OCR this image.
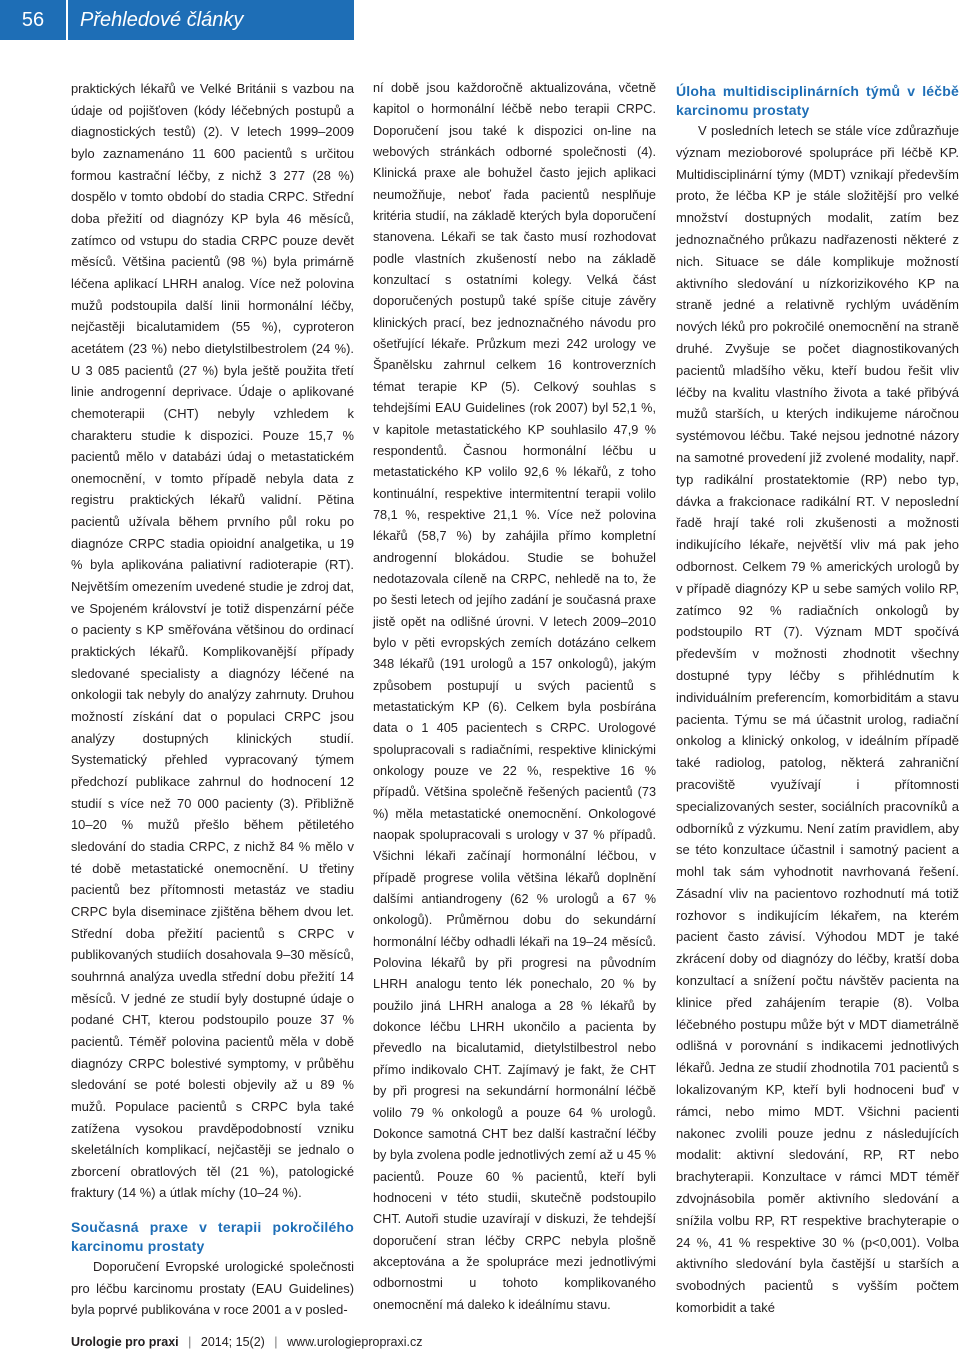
56	Přehledové články

praktických lékařů ve Velké Británii s vazbou na údaje od pojišťoven (kódy léčebných postupů a diagnostických testů) (2). V letech 1999–2009 bylo zaznamenáno 11 600 pacientů s určitou formou kastrační léčby, z nichž 3 277 (28 %) dospělo v tomto období do stadia CRPC. Střední doba přežití od diagnózy KP byla 46 měsíců, zatímco od vstupu do stadia CRPC pouze devět měsíců. Většina pacientů (98 %) byla primárně léčena aplikací LHRH analog. Více než polovina mužů podstoupila další linii hormonální léčby, nejčastěji bicalutamidem (55 %), cyproteron acetátem (23 %) nebo dietylstilbestrolem (24 %). U 3 085 pacientů (27 %) byla ještě použita třetí linie androgenní deprivace. Údaje o aplikované chemoterapii (CHT) nebyly vzhledem k charakteru studie k dispozici. Pouze 15,7 % pacientů mělo v databázi údaj o metastatickém onemocnění, v tomto případě nebyla data z registru praktických lékařů validní. Pětina pacientů užívala během prvního půl roku po diagnóze CRPC stadia opioidní analgetika, u 19 % byla aplikována paliativní radioterapie (RT). Největším omezením uvedené studie je zdroj dat, ve Spojeném království je totiž dispenzární péče o pacienty s KP směřována většinou do ordinací praktických lékařů. Komplikovanější případy sledované specialisty a diagnózy léčené na onkologii tak nebyly do analýzy zahrnuty. Druhou možností získání dat o populaci CRPC jsou analýzy dostupných klinických studií. Systematický přehled vypracovaný týmem předchozí publikace zahrnul do hodnocení 12 studií s více než 70 000 pacienty (3). Přibližně 10–20 % mužů přešlo během pětiletého sledování do stadia CRPC, z nichž 84 % mělo v té době metastatické onemocnění. U třetiny pacientů bez přítomnosti metastáz ve stadiu CRPC byla diseminace zjištěna během dvou let. Střední doba přežití pacientů s CRPC v publikovaných studiích dosahovala 9–30 měsíců, souhrnná analýza uvedla střední dobu přežití 14 měsíců. V jedné ze studií byly dostupné údaje o podané CHT, kterou podstoupilo pouze 37 % pacientů. Téměř polovina pacientů měla v době diagnózy CRPC bolestivé symptomy, v průběhu sledování se poté bolesti objevily až u 89 % mužů. Populace pacientů s CRPC byla také zatížena vysokou pravděpodobností vzniku skeletálních komplikací, nejčastěji se jednalo o zborcení obratlových těl (21 %), patologické fraktury (14 %) a útlak míchy (10–24 %).

Současná praxe v terapii pokročilého karcinomu prostaty

Doporučení Evropské urologické společnosti pro léčbu karcinomu prostaty (EAU Guidelines) byla poprvé publikována v roce 2001 a v posled-

ní době jsou každoročně aktualizována, včetně kapitol o hormonální léčbě nebo terapii CRPC. Doporučení jsou také k dispozici on-line na webových stránkách odborné společnosti (4). Klinická praxe ale bohužel často jejich aplikaci neumožňuje, neboť řada pacientů nesplňuje kritéria studií, na základě kterých byla doporučení stanovena. Lékaři se tak často musí rozhodovat podle vlastních zkušeností nebo na základě konzultací s ostatními kolegy. Velká část doporučených postupů také spíše cituje závěry klinických prací, bez jednoznačného návodu pro ošetřující lékaře. Průzkum mezi 242 urology ve Španělsku zahrnul celkem 16 kontroverzních témat terapie KP (5). Celkový souhlas s tehdejšími EAU Guidelines (rok 2007) byl 52,1 %, v kapitole metastatického KP souhlasilo 47,9 % respondentů. Časnou hormonální léčbu u metastatického KP volilo 92,6 % lékařů, z toho kontinuální, respektive intermitentní terapii volilo 78,1 %, respektive 21,1 %. Více než polovina lékařů (58,7 %) by zahájila přímo kompletní androgenní blokádou. Studie se bohužel nedotazovala cíleně na CRPC, nehledě na to, že po šesti letech od jejího zadání je současná praxe jistě opět na odlišné úrovni. V letech 2009–2010 bylo v pěti evropských zemích dotázáno celkem 348 lékařů (191 urologů a 157 onkologů), jakým způsobem postupují u svých pacientů s metastatickým KP (6). Celkem byla posbírána data o 1 405 pacientech s CRPC. Urologové spolupracovali s radiačními, respektive klinickými onkology pouze ve 22 %, respektive 16 % případů. Většina společně řešených pacientů (73 %) měla metastatické onemocnění. Onkologové naopak spolupracovali s urology v 37 % případů. Všichni lékaři začínají hormonální léčbou, v případě progrese volila většina lékařů doplnění dalšími antiandrogeny (62 % urologů a 67 % onkologů). Průměrnou dobu do sekundární hormonální léčby odhadli lékaři na 19–24 měsíců. Polovina lékařů by při progresi na původním LHRH analogu tento lék ponechalo, 20 % by použilo jiná LHRH analoga a 28 % lékařů by dokonce léčbu LHRH ukončilo a pacienta by převedlo na bicalutamid, dietylstilbestrol nebo přímo indikovalo CHT. Zajímavý je fakt, že CHT by při progresi na sekundární hormonální léčbě volilo 79 % onkologů a pouze 64 % urologů. Dokonce samotná CHT bez další kastrační léčby by byla zvolena podle jednotlivých zemí až u 45 % pacientů. Pouze 60 % pacientů, kteří byli hodnoceni v této studii, skutečně podstoupilo CHT. Autoři studie uzavírají v diskuzi, že tehdejší doporučení stran léčby CRPC nebyla plošně akceptována a že spolupráce mezi jednotlivými odbornostmi u tohoto komplikovaného onemocnění má daleko k ideálnímu stavu.

Úloha multidisciplinárních týmů v léčbě karcinomu prostaty

V posledních letech se stále více zdůrazňuje význam mezioborové spolupráce při léčbě KP. Multidisciplinární týmy (MDT) vznikají především proto, že léčba KP je stále složitější pro velké množství dostupných modalit, zatím bez jednoznačného průkazu nadřazenosti některé z nich. Situace se dále komplikuje možností aktivního sledování u nízkorizikového KP na straně jedné a relativně rychlým uváděním nových léků pro pokročilé onemocnění na straně druhé. Zvyšuje se počet diagnostikovaných pacientů mladšího věku, kteří budou řešit vliv léčby na kvalitu vlastního života a také přibývá mužů starších, u kterých indikujeme náročnou systémovou léčbu. Také nejsou jednotné názory na samotné provedení již zvolené modality, např. typ radikální prostatektomie (RP) nebo typ, dávka a frakcionace radikální RT. V neposlední řadě hrají také roli zkušenosti a možnosti indikujícího lékaře, největší vliv má pak jeho odbornost. Celkem 79 % amerických urologů by v případě diagnózy KP u sebe samých volilo RP, zatímco 92 % radiačních onkologů by podstoupilo RT (7). Význam MDT spočívá především v možnosti zhodnotit všechny dostupné typy léčby s přihlédnutím k individuálním preferencím, komorbiditám a stavu pacienta. Týmu se má účastnit urolog, radiační onkolog a klinický onkolog, v ideálním případě také radiolog, patolog, některá zahraniční pracoviště využívají i přítomnosti specializovaných sester, sociálních pracovníků a odborníků z výzkumu. Není zatím pravidlem, aby se této konzultace účastnil i samotný pacient a mohl tak sám vyhodnotit navrhovaná řešení. Zásadní vliv na pacientovo rozhodnutí má totiž rozhovor s indikujícím lékařem, na kterém pacient často závisí. Výhodou MDT je také zkrácení doby od diagnózy do léčby, kratší doba konzultací a snížení počtu návštěv pacienta na klinice před zahájením terapie (8). Volba léčebného postupu může být v MDT diametrálně odlišná v porovnání s indikacemi jednotlivých lékařů. Jedna ze studií zhodnotila 701 pacientů s lokalizovaným KP, kteří byli hodnoceni buď v rámci, nebo mimo MDT. Všichni pacienti nakonec zvolili pouze jednu z následujících modalit: aktivní sledování, RP, RT nebo brachyterapii. Konzultace v rámci MDT téměř zdvojnásobila poměr aktivního sledování a snížila volbu RP, RT respektive brachyterapie o 24 %, 41 % respektive 30 % (p<0,001). Volba aktivního sledování byla častější u starších a svobodných pacientů s vyšším počtem komorbidit a také

Urologie pro praxi | 2014; 15(2) | www.urologiepropraxi.cz
